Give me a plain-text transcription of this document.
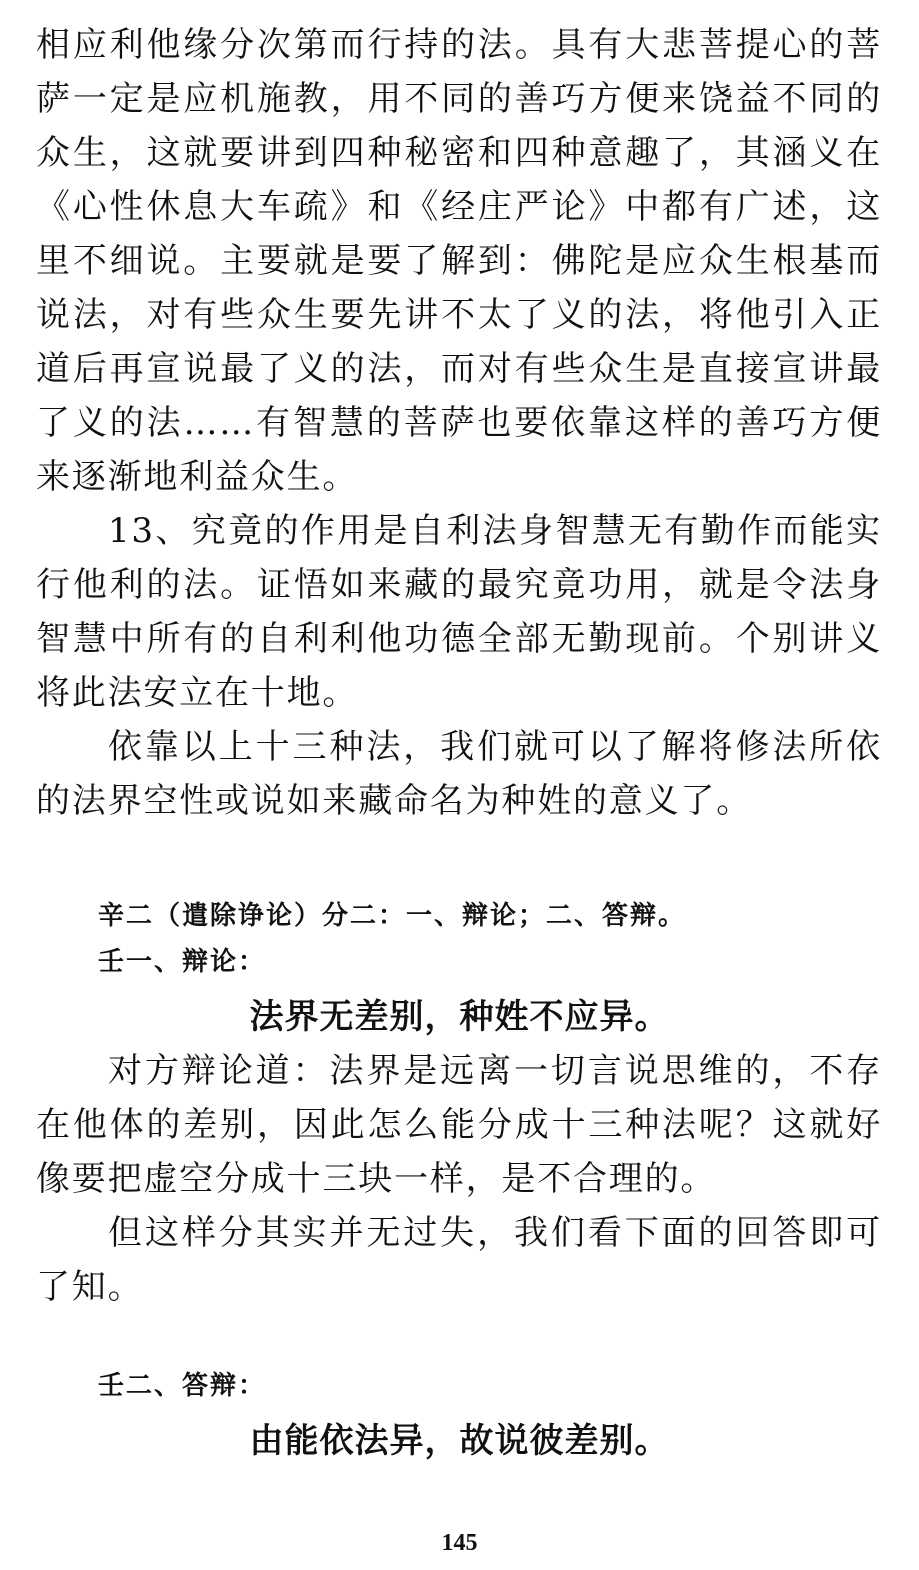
相应利他缘分次第而行持的法。具有大悲菩提心的菩萨一定是应机施教，用不同的善巧方便来饶益不同的众生，这就要讲到四种秘密和四种意趣了，其涵义在《心性休息大车疏》和《经庄严论》中都有广述，这里不细说。主要就是要了解到：佛陀是应众生根基而说法，对有些众生要先讲不太了义的法，将他引入正道后再宣说最了义的法，而对有些众生是直接宣讲最了义的法……有智慧的菩萨也要依靠这样的善巧方便来逐渐地利益众生。

13、究竟的作用是自利法身智慧无有勤作而能实行他利的法。证悟如来藏的最究竟功用，就是令法身智慧中所有的自利利他功德全部无勤现前。个别讲义将此法安立在十地。

依靠以上十三种法，我们就可以了解将修法所依的法界空性或说如来藏命名为种姓的意义了。

辛二（遣除诤论）分二：一、辩论；二、答辩。
壬一、辩论：
法界无差别，种姓不应异。

对方辩论道：法界是远离一切言说思维的，不存在他体的差别，因此怎么能分成十三种法呢？这就好像要把虚空分成十三块一样，是不合理的。

但这样分其实并无过失，我们看下面的回答即可了知。

壬二、答辩：
由能依法异，故说彼差别。
145
